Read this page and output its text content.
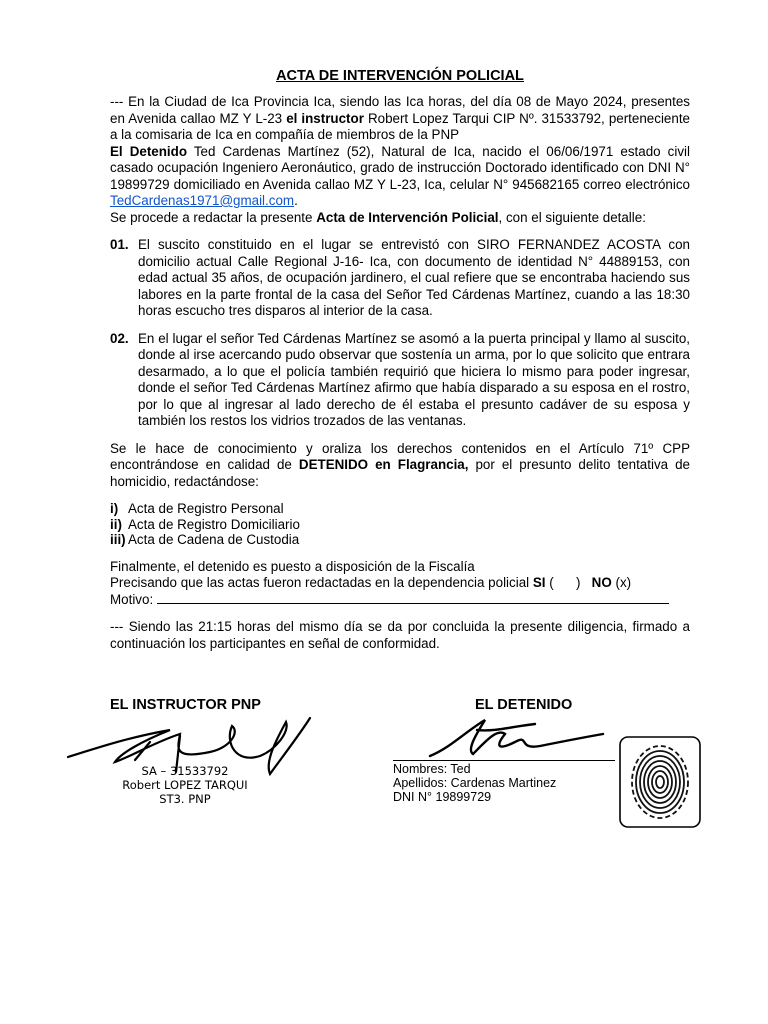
ACTA DE INTERVENCIÓN POLICIAL

--- En la Ciudad de Ica Provincia Ica, siendo las Ica horas, del día 08 de Mayo 2024, presentes en Avenida callao MZ Y L-23 el instructor Robert Lopez Tarqui CIP Nº. 31533792, perteneciente a la comisaria de Ica en compañía de miembros de la PNP

El Detenido Ted Cardenas Martínez (52), Natural de Ica, nacido el 06/06/1971 estado civil casado ocupación Ingeniero Aeronáutico, grado de instrucción Doctorado identificado con DNI N° 19899729 domiciliado en Avenida callao MZ Y L-23, Ica, celular N° 945682165 correo electrónico TedCardenas1971@gmail.com.

Se procede a redactar la presente Acta de Intervención Policial, con el siguiente detalle:

01. El suscito constituido en el lugar se entrevistó con SIRO FERNANDEZ ACOSTA con domicilio actual Calle Regional J-16- Ica, con documento de identidad N° 44889153, con edad actual 35 años, de ocupación jardinero, el cual refiere que se encontraba haciendo sus labores en la parte frontal de la casa del Señor Ted Cárdenas Martínez, cuando a las 18:30 horas escucho tres disparos al interior de la casa.
02. En el lugar el señor Ted Cárdenas Martínez se asomó a la puerta principal y llamo al suscito, donde al irse acercando pudo observar que sostenía un arma, por lo que solicito que entrara desarmado, a lo que el policía también requirió que hiciera lo mismo para poder ingresar, donde el señor Ted Cárdenas Martínez afirmo que había disparado a su esposa en el rostro, por lo que al ingresar al lado derecho de él estaba el presunto cadáver de su esposa y también los restos los vidrios trozados de las ventanas.

Se le hace de conocimiento y oraliza los derechos contenidos en el Artículo 71º CPP encontrándose en calidad de DETENIDO en Flagrancia, por el presunto delito tentativa de homicidio, redactándose:

i) Acta de Registro Personal
ii) Acta de Registro Domiciliario
iii) Acta de Cadena de Custodia

Finalmente, el detenido es puesto a disposición de la Fiscalía

Precisando que las actas fueron redactadas en la dependencia policial SI (      ) NO (x)

Motivo:

--- Siendo las 21:15 horas del mismo día se da por concluida la presente diligencia, firmado a continuación los participantes en señal de conformidad.

EL INSTRUCTOR PNP	EL DETENIDO
SA – 31533792
Robert LOPEZ TARQUI
ST3. PNP
Nombres: Ted
Apellidos: Cardenas Martinez
DNI N° 19899729
